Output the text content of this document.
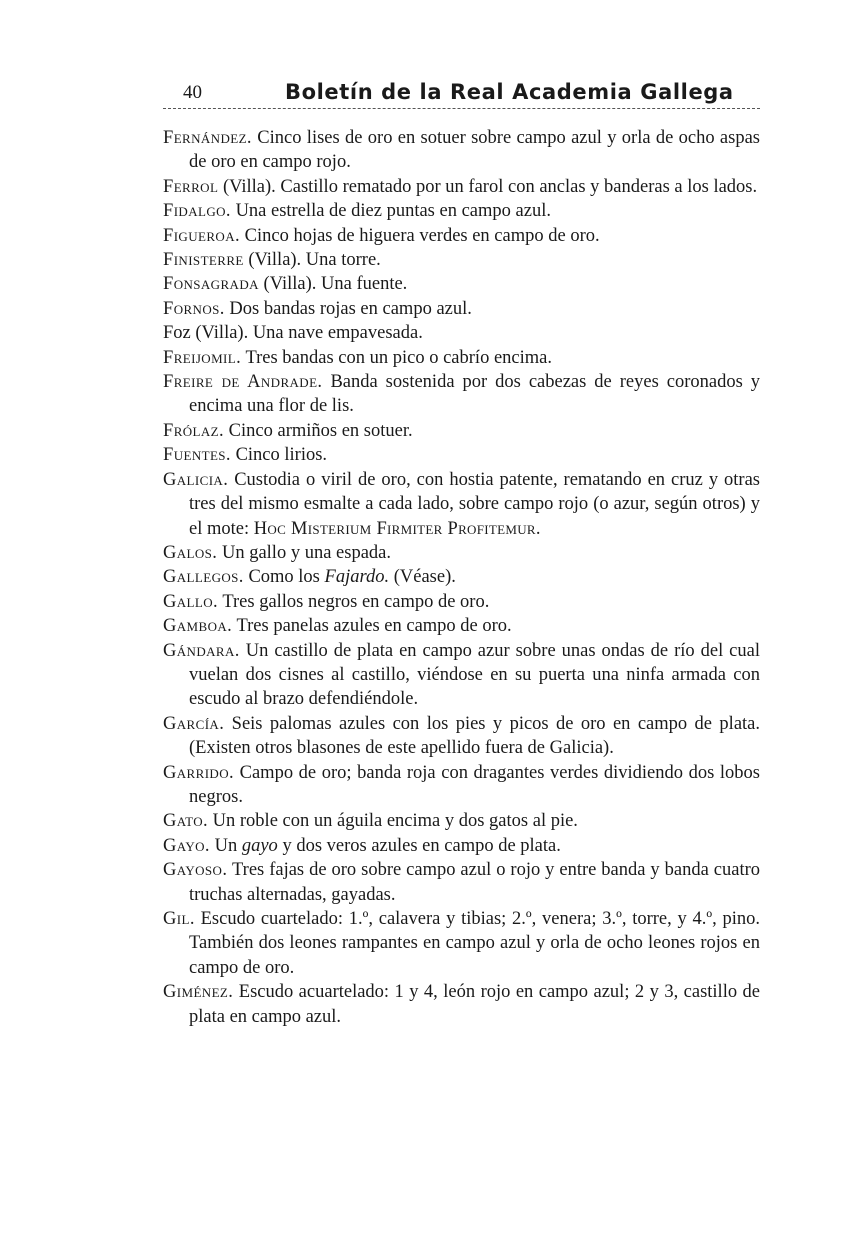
40	Boletín de la Real Academia Gallega

Fernández. Cinco lises de oro en sotuer sobre campo azul y orla de ocho aspas de oro en campo rojo.

Ferrol (Villa). Castillo rematado por un farol con anclas y banderas a los lados.

Fidalgo. Una estrella de diez puntas en campo azul.

Figueroa. Cinco hojas de higuera verdes en campo de oro.

Finisterre (Villa). Una torre.

Fonsagrada (Villa). Una fuente.

Fornos. Dos bandas rojas en campo azul.

Foz (Villa). Una nave empavesada.

Freijomil. Tres bandas con un pico o cabrío encima.

Freire de Andrade. Banda sostenida por dos cabezas de reyes coronados y encima una flor de lis.

Frólaz. Cinco armiños en sotuer.

Fuentes. Cinco lirios.

Galicia. Custodia o viril de oro, con hostia patente, rematando en cruz y otras tres del mismo esmalte a cada lado, sobre campo rojo (o azur, según otros) y el mote: Hoc Misterium Firmiter Profitemur.

Galos. Un gallo y una espada.

Gallegos. Como los Fajardo. (Véase).

Gallo. Tres gallos negros en campo de oro.

Gamboa. Tres panelas azules en campo de oro.

Gándara. Un castillo de plata en campo azur sobre unas ondas de río del cual vuelan dos cisnes al castillo, viéndose en su puerta una ninfa armada con escudo al brazo defendiéndole.

García. Seis palomas azules con los pies y picos de oro en campo de plata. (Existen otros blasones de este apellido fuera de Galicia).

Garrido. Campo de oro; banda roja con dragantes verdes dividiendo dos lobos negros.

Gato. Un roble con un águila encima y dos gatos al pie.

Gayo. Un gayo y dos veros azules en campo de plata.

Gayoso. Tres fajas de oro sobre campo azul o rojo y entre banda y banda cuatro truchas alternadas, gayadas.

Gil. Escudo cuartelado: 1.º, calavera y tibias; 2.º, venera; 3.º, torre, y 4.º, pino. También dos leones rampantes en campo azul y orla de ocho leones rojos en campo de oro.

Giménez. Escudo acuartelado: 1 y 4, león rojo en campo azul; 2 y 3, castillo de plata en campo azul.
